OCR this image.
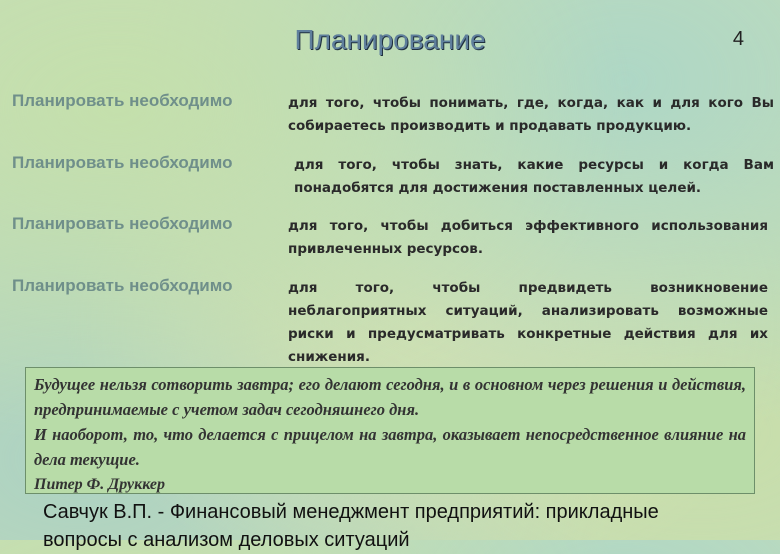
Планирование	4
Планировать необходимо	для того, чтобы понимать, где, когда, как и для кого Вы собираетесь производить и продавать продукцию.
Планировать необходимо	для того, чтобы знать, какие ресурсы и когда Вам понадобятся для достижения поставленных целей.
Планировать необходимо	для того, чтобы добиться эффективного использования привлеченных ресурсов.
Планировать необходимо	для того, чтобы предвидеть возникновение неблагоприятных ситуаций, анализировать возможные риски и предусматривать конкретные действия для их снижения.

Будущее нельзя сотворить завтра; его делают сегодня, и в основном через решения и действия, предпринимаемые с учетом задач сегодняшнего дня.

И наоборот, то, что делается с прицелом на завтра, оказывает непосредственное влияние на дела текущие.

Питер Ф. Друккер

Савчук В.П. - Финансовый менеджмент предприятий: прикладные вопросы с анализом деловых ситуаций
